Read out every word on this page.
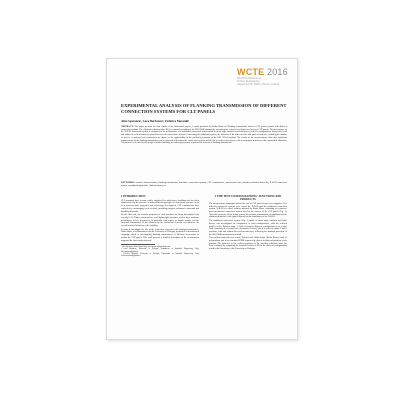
WCTE 2016
World Conference on
Timber Engineering
August 22-25, 2016 | Vienna, Austria
EXPERIMENTAL ANALYSIS OF FLANKING TRANSMISSION OF DIFFERENT CONNECTION SYSTEMS FOR CLT PANELS

Alice Speranza¹, Luca Barbaresi², Federica Morandi³

ABSTRACT: This paper presents the first results of the flanksound project, a study promoted by Rotho Blaas on Flanking transmission between CLT panels jointed with different connection systems. The vibration reduction index Kij is evaluated according to the ISO 10848 standard by measuring the velocity level difference between CLT panels. The performance of the X-RAD connection system is compared to the performance of a traditional connection system made of metal angle brackets and hold-downs, both the configurations being tested with and without a resilient interlayer placed between the connection elements. Concerning the traditional system, the influence of the different sizes and types of fasteners, including the number of screws, is analyzed and conclusions are drawn on the applicability of the predicting formulas of the ISO 12354 standard. The results of the measurements show that significant improvements in the flanking transmission can be achieved with innovative connection systems and the use of resilient interlayers, with a consequent reduction of the transmitted vibrations. Test data are to be used in the design of timber buildings for satisfying acoustic requirements in terms of flanking transmission.

KEYWORDS: acoustic characterization, flanking transmission, innovative connection systems, CLT constructions, experimental tests, vibration reduction index Kij, X-RAD connection system, soundproofing profiles, flanksound project

1 INTRODUCTION

CLT structures have become widely employed for multi-storey buildings and are often characterized by the presence of many different typologies of connection systems. As far as it concerns static properties and technology development, CLT constructions have reached very encouraging levels of detail, providing complete solutions to structural and durability demands.

On the other side, the acoustic properties of such structures are being investigated only recently [1-5]. Timber constructions, as all lightweight structures, tend to show moderate performance at low frequencies, in particular with respect to impact sounds, and the structural transmission of the vibration by the connection elements can influence the overall acoustic behaviour of the building.

In order to investigate the role of the connection elements in the flanking transmission, Rotho Blaas, in collaboration with the University of Bologna, performed a measurement campaign aimed at investigating flanking transmission of different connections to predict the CLT panels. This work presents a detailed description of the measurement setup and the first results achieved.

¹ Alice Speranza, Rotho Blaas, Italy, alice.speranza@rothoblaas.com

² Luca Barbaresi, University of Bologna, Department of Industrial Engineering, Italy, luca.barbaresi@unibo.it

³ Federica Morandi, University of Bologna, Department of Industrial Engineering, Italy, federica.morandi@unibo.it

2 THE TEST CONFIGURATIONS: JUNCTIONS AND PRODUCTS

The measurement campaign involved the use of CLT panels from seven suppliers. Two different connection systems were tested: the X-RAD and the traditional connection system. X-RAD is a novel solution patented by Rotho Blaas, consisting of a point-to-point mechanical connection system fixed in the corners of the CLT panels (Fig. 1). About the geometry of the fixing system, the acoustic transmission of vibrations and the vibration properties of the panels depends on the installation of the X-RAD.

The traditional connection system (Fig. 1) made of metal angle brackets and hold-downs, was investigated for comparison, in both configurations, with the resilient profiles of the Xylofon range. A total of fourteen different configurations were tested, each consisting of a vertical and a horizontal element, joined in order to obtain T and L junctions, with and without the resilient interlayer, following the standard procedure of the ISO 10848 measurement method.

Two resilient materials were tested, Xylofon and Aladin Stripe (Rotho Blaas), made of polyurethane and of an extruded EPDM respectively, placed in different positions of the junction. The influence of the resilient products on the vibration reduction index has been evaluated by comparing the measured values of Kij in the different configurations tested in the laboratory of the University of Bologna.
